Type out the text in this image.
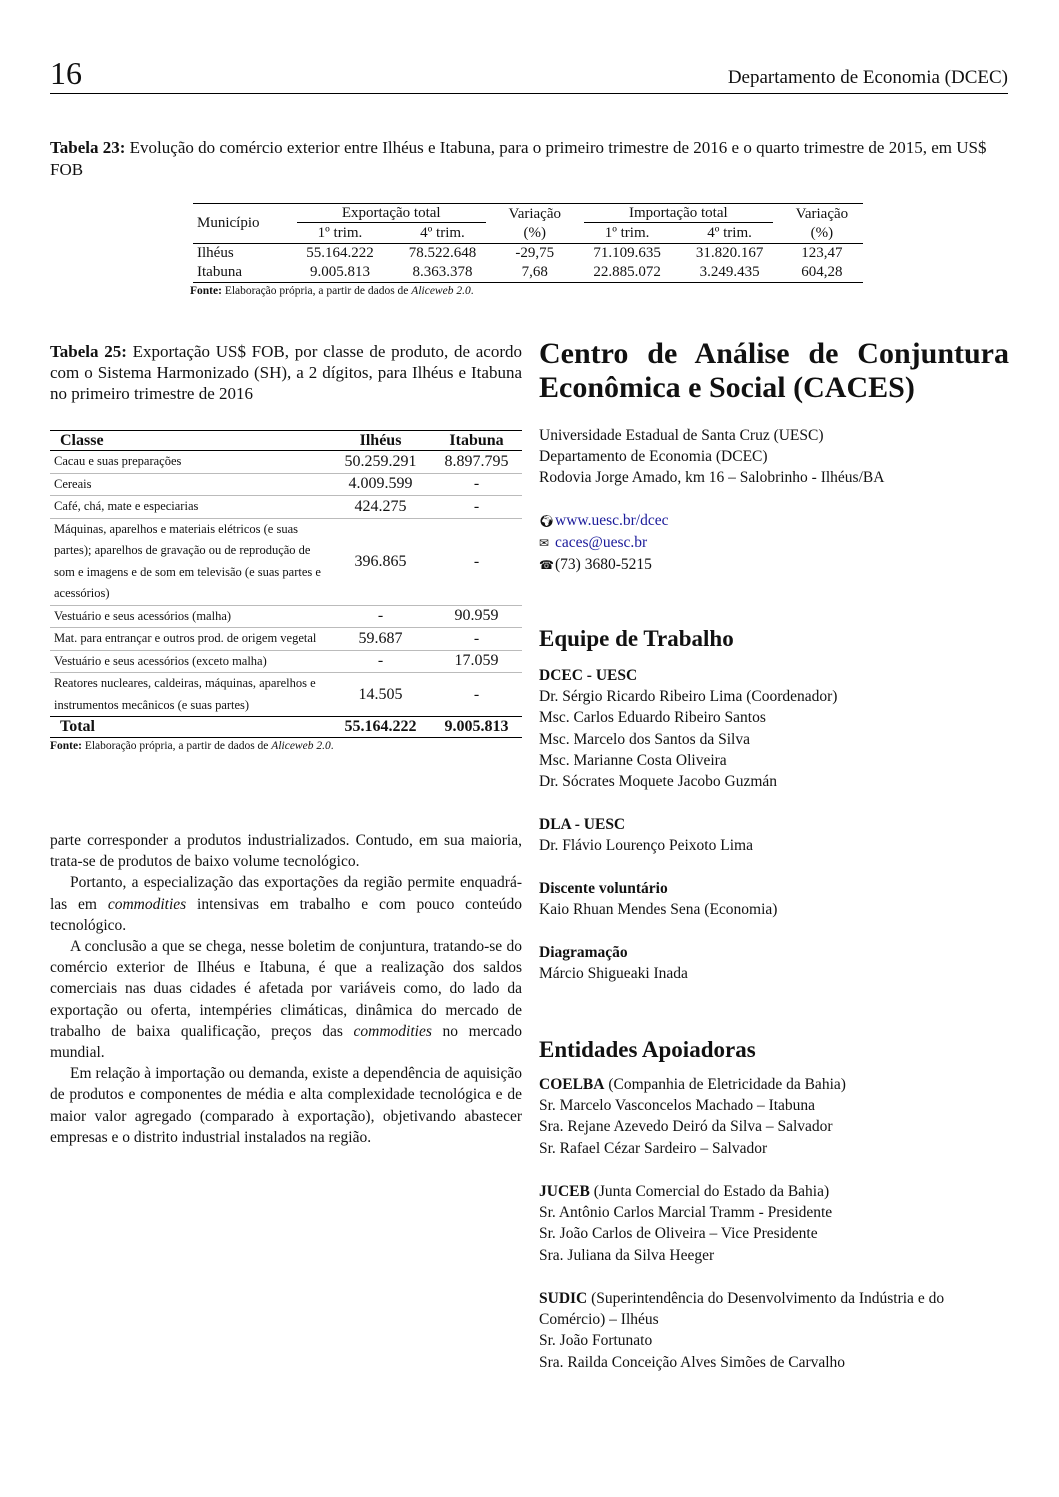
16	Departamento de Economia (DCEC)
Tabela 23: Evolução do comércio exterior entre Ilhéus e Itabuna, para o primeiro trimestre de 2016 e o quarto trimestre de 2015, em US$ FOB
Município	Exportação total		Variação	Importação total		Variação
	1º trim.	4º trim.	(%)	1º trim.	4º trim.	(%)
Ilhéus	55.164.222	78.522.648	-29,75	71.109.635	31.820.167	123,47
Itabuna	9.005.813	8.363.378	7,68	22.885.072	3.249.435	604,28
Fonte: Elaboração própria, a partir de dados de Aliceweb 2.0.
Tabela 25: Exportação US$ FOB, por classe de produto, de acordo com o Sistema Harmonizado (SH), a 2 dígitos, para Ilhéus e Itabuna no primeiro trimestre de 2016
Classe	Ilhéus	Itabuna
Cacau e suas preparações	50.259.291	8.897.795
Cereais	4.009.599	-
Café, chá, mate e especiarias	424.275	-
Máquinas, aparelhos e materiais elétricos (e suas partes); aparelhos de gravação ou de reprodução de som e imagens e de som em televisão (e suas partes e acessórios)	396.865	-
Vestuário e seus acessórios (malha)	-	90.959
Mat. para entrançar e outros prod. de origem vegetal	59.687	-
Vestuário e seus acessórios (exceto malha)	-	17.059
Reatores nucleares, caldeiras, máquinas, aparelhos e instrumentos mecânicos (e suas partes)	14.505	-
Total	55.164.222	9.005.813
Fonte: Elaboração própria, a partir de dados de Aliceweb 2.0.

parte corresponder a produtos industrializados. Contudo, em sua maioria, trata-se de produtos de baixo volume tecnológico.

Portanto, a especialização das exportações da região permite enquadrá-las em commodities intensivas em trabalho e com pouco conteúdo tecnológico.

A conclusão a que se chega, nesse boletim de conjuntura, tratando-se do comércio exterior de Ilhéus e Itabuna, é que a realização dos saldos comerciais nas duas cidades é afetada por variáveis como, do lado da exportação ou oferta, intempéries climáticas, dinâmica do mercado de trabalho de baixa qualificação, preços das commodities no mercado mundial.

Em relação à importação ou demanda, existe a dependência de aquisição de produtos e componentes de média e alta complexidade tecnológica e de maior valor agregado (comparado à exportação), objetivando abastecer empresas e o distrito industrial instalados na região.

Centro de Análise de Conjuntura Econômica e Social (CACES)
Universidade Estadual de Santa Cruz (UESC)
Departamento de Economia (DCEC)
Rodovia Jorge Amado, km 16 – Salobrinho - Ilhéus/BA
🌍︎www.uesc.br/dcec
✉ caces@uesc.br
☎(73) 3680-5215
Equipe de Trabalho
DCEC - UESC
Dr. Sérgio Ricardo Ribeiro Lima (Coordenador)
Msc. Carlos Eduardo Ribeiro Santos
Msc. Marcelo dos Santos da Silva
Msc. Marianne Costa Oliveira
Dr. Sócrates Moquete Jacobo Guzmán
DLA - UESC
Dr. Flávio Lourenço Peixoto Lima
Discente voluntário
Kaio Rhuan Mendes Sena (Economia)
Diagramação
Márcio Shigueaki Inada
Entidades Apoiadoras
COELBA (Companhia de Eletricidade da Bahia)
Sr. Marcelo Vasconcelos Machado – Itabuna
Sra. Rejane Azevedo Deiró da Silva – Salvador
Sr. Rafael Cézar Sardeiro – Salvador
JUCEB (Junta Comercial do Estado da Bahia)
Sr. Antônio Carlos Marcial Tramm - Presidente
Sr. João Carlos de Oliveira – Vice Presidente
Sra. Juliana da Silva Heeger
SUDIC (Superintendência do Desenvolvimento da Indústria e do Comércio) – Ilhéus
Sr. João Fortunato
Sra. Railda Conceição Alves Simões de Carvalho
